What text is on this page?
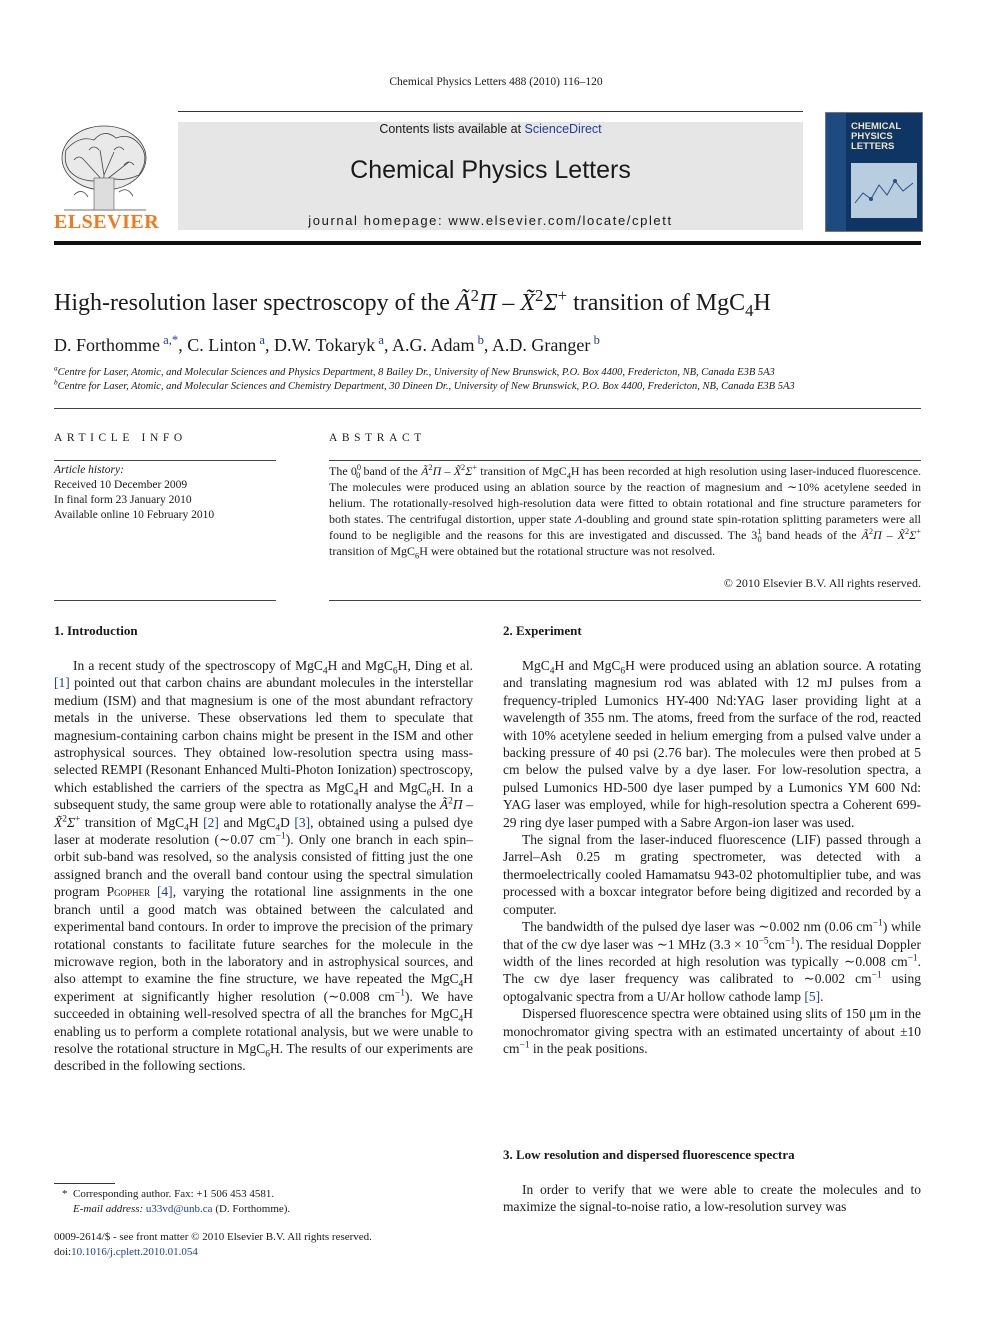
Chemical Physics Letters 488 (2010) 116–120
ELSEVIER
Contents lists available at ScienceDirect
Chemical Physics Letters
journal homepage: www.elsevier.com/locate/cplett
CHEMICAL
PHYSICS
LETTERS
High-resolution laser spectroscopy of the $Ã^2\Pi$ – X̃$^2$Σ+ transition of MgC$_4$H
D. Forthomme $^{a,*}$, C. Linton $^a$, D.W. Tokaryk $^a$, A.G. Adam $^b$, A.D. Granger $^b$
$^a$Centre for Laser, Atomic, and Molecular Sciences and Physics Department, 8 Bailey Dr., University of New Brunswick, P.O. Box 4400, Fredericton, NB, Canada E3B 5A3
$^b$Centre for Laser, Atomic, and Molecular Sciences and Chemistry Department, 30 Dineen Dr., University of New Brunswick, P.O. Box 4400, Fredericton, NB, Canada E3B 5A3
ARTICLE INFO
Article history:
Received 10 December 2009
In final form 23 January 2010
Available online 10 February 2010
ABSTRACT
The $0^0_0$ band of the $Ã^2\Pi$ – X̃$^2$Σ+ transition of MgC$_4$H has been recorded at high resolution using laser-induced fluorescence. The molecules were produced using an ablation source by the reaction of magnesium and ∼10% acetylene seeded in helium. The rotationally-resolved high-resolution data were fitted to obtain rotational and fine structure parameters for both states. The centrifugal distortion, upper state Λ-doubling and ground state spin-rotation splitting parameters were all found to be negligible and the reasons for this are investigated and discussed. The $3^1_0$ band heads of the $Ã^2\Pi$ – X̃$^2$Σ+ transition of MgC$_6$H were obtained but the rotational structure was not resolved.
© 2010 Elsevier B.V. All rights reserved.
1. Introduction	2. Experiment
3. Low resolution and dispersed fluorescence spectra

In a recent study of the spectroscopy of MgC$_4$H and MgC$_6$H, Ding et al. [1] pointed out that carbon chains are abundant molecules in the interstellar medium (ISM) and that magnesium is one of the most abundant refractory metals in the universe. These observations led them to speculate that magnesium-containing carbon chains might be present in the ISM and other astrophysical sources. They obtained low-resolution spectra using mass-selected REMPI (Resonant Enhanced Multi-Photon Ionization) spectroscopy, which established the carriers of the spectra as MgC$_4$H and MgC$_6$H. In a subsequent study, the same group were able to rotationally analyse the $Ã^2\Pi$ – X̃$^2$Σ+ transition of MgC$_4$H [2] and MgC$_4$D [3], obtained using a pulsed dye laser at moderate resolution (∼0.07 $cm^{-1}$). Only one branch in each spin–orbit sub-band was resolved, so the analysis consisted of fitting just the one assigned branch and the overall band contour using the spectral simulation program Pgopher [4], varying the rotational line assignments in the one branch until a good match was obtained between the calculated and experimental band contours. In order to improve the precision of the primary rotational constants to facilitate future searches for the molecule in the microwave region, both in the laboratory and in astrophysical sources, and also attempt to examine the fine structure, we have repeated the MgC$_4$H experiment at significantly higher resolution (∼0.008 $cm^{-1}$). We have succeeded in obtaining well-resolved spectra of all the branches for MgC$_4$H enabling us to perform a complete rotational analysis, but we were unable to resolve the rotational structure in MgC$_6$H. The results of our experiments are described in the following sections.

MgC$_4$H and MgC$_6$H were produced using an ablation source. A rotating and translating magnesium rod was ablated with 12 mJ pulses from a frequency-tripled Lumonics HY-400 Nd:YAG laser providing light at a wavelength of 355 nm. The atoms, freed from the surface of the rod, reacted with 10% acetylene seeded in helium emerging from a pulsed valve under a backing pressure of 40 psi (2.76 bar). The molecules were then probed at 5 cm below the pulsed valve by a dye laser. For low-resolution spectra, a pulsed Lumonics HD-500 dye laser pumped by a Lumonics YM 600 Nd: YAG laser was employed, while for high-resolution spectra a Coherent 699-29 ring dye laser pumped with a Sabre Argon-ion laser was used.

The signal from the laser-induced fluorescence (LIF) passed through a Jarrel–Ash 0.25 m grating spectrometer, was detected with a thermoelectrically cooled Hamamatsu 943-02 photomultiplier tube, and was processed with a boxcar integrator before being digitized and recorded by a computer.

The bandwidth of the pulsed dye laser was ∼0.002 nm (0.06 $cm^{-1}$) while that of the cw dye laser was ∼1 MHz $(3.3 \times 10^{-5}cm^{-1})$. The residual Doppler width of the lines recorded at high resolution was typically ∼0.008 $cm^{-1}$. The cw dye laser frequency was calibrated to ∼0.002 $cm^{-1}$ using optogalvanic spectra from a U/Ar hollow cathode lamp [5].

Dispersed fluorescence spectra were obtained using slits of 150 μm in the monochromator giving spectra with an estimated uncertainty of about ±10 $cm^{-1}$ in the peak positions.

In order to verify that we were able to create the molecules and to maximize the signal-to-noise ratio, a low-resolution survey was

*  Corresponding author. Fax: +1 506 453 4581.
E-mail address: u33vd@unb.ca (D. Forthomme).
0009-2614/$ - see front matter © 2010 Elsevier B.V. All rights reserved.
doi:10.1016/j.cplett.2010.01.054
